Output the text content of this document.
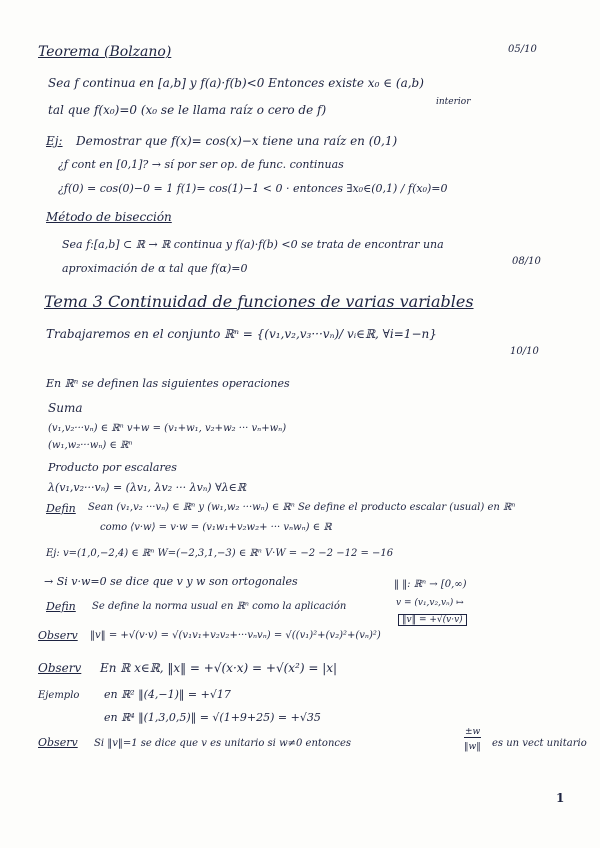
05/10
Teorema (Bolzano)
Sea f continua en [a,b] y f(a)·f(b)<0 Entonces existe x₀ ∈ (a,b)
interior
tal que f(x₀)=0 (x₀ se le llama raíz o cero de f)
Ej: Demostrar que f(x)= cos(x)−x tiene una raíz en (0,1)
¿f cont en [0,1]? → sí por ser op. de func. continuas
¿f(0) = cos(0)−0 = 1 f(1)= cos(1)−1 < 0 · entonces ∃x₀∈(0,1) / f(x₀)=0
Método de bisección
Sea f:[a,b] ⊂ ℝ → ℝ continua y f(a)·f(b) <0 se trata de encontrar una
aproximación de α tal que f(α)=0
08/10
Tema 3 Continuidad de funciones de varias variables
Trabajaremos en el conjunto ℝⁿ = {(v₁,v₂,v₃···vₙ)/ vᵢ∈ℝ, ∀i=1−n}
10/10
En ℝⁿ se definen las siguientes operaciones
Suma
(v₁,v₂···vₙ) ∈ ℝⁿ v+w = (v₁+w₁, v₂+w₂ ··· vₙ+wₙ)
(w₁,w₂···wₙ) ∈ ℝⁿ
Producto por escalares
λ(v₁,v₂···vₙ) = (λv₁, λv₂ ··· λvₙ) ∀λ∈ℝ
Defin Sean (v₁,v₂ ···vₙ) ∈ ℝⁿ y (w₁,w₂ ···wₙ) ∈ ℝⁿ Se define el producto escalar (usual) en ℝⁿ
como ⟨v·w⟩ = v·w = (v₁w₁+v₂w₂+ ··· vₙwₙ) ∈ ℝ
Ej: v=(1,0,−2,4) ∈ ℝⁿ W=(−2,3,1,−3) ∈ ℝⁿ V·W = −2 −2 −12 = −16
→ Si v·w=0 se dice que v y w son ortogonales	‖ ‖: ℝⁿ → [0,∞)
Defin Se define la norma usual en ℝⁿ como la aplicación	v = (v₁,v₂,vₙ) ↦
‖v‖ = +√(v·v)
Observ ‖v‖ = +√(v·v) = √(v₁v₁+v₂v₂+···vₙvₙ) = √((v₁)²+(v₂)²+(vₙ)²)
Observ En ℝ x∈ℝ, ‖x‖ = +√(x·x) = +√(x²) = |x|
Ejemplo en ℝ² ‖(4,−1)‖ = +√17
en ℝ⁴ ‖(1,3,0,5)‖ = √(1+9+25) = +√35
Observ Si ‖v‖=1 se dice que v es unitario si w≠0 entonces
±w
‖w‖ es un vect unitario
1
